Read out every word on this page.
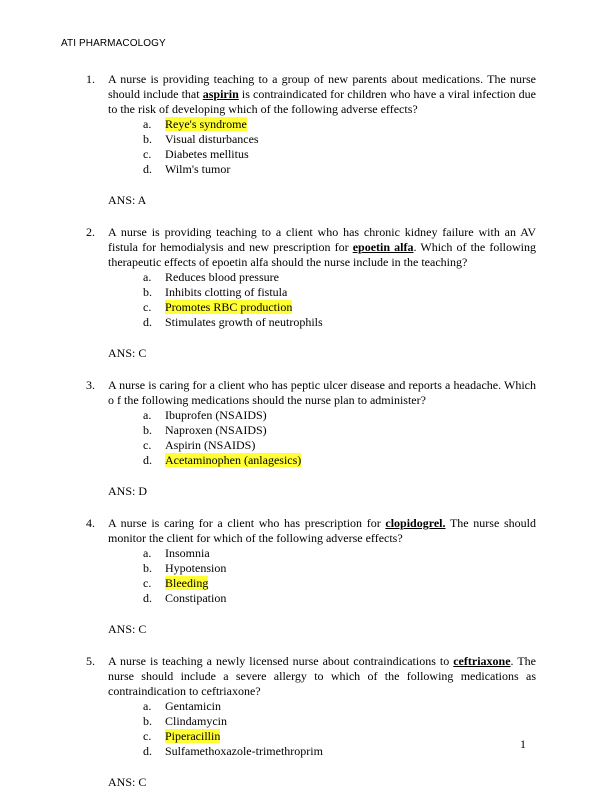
ATI PHARMACOLOGY
1. A nurse is providing teaching to a group of new parents about medications. The nurse should include that aspirin is contraindicated for children who have a viral infection due to the risk of developing which of the following adverse effects?
a. Reye's syndrome
b. Visual disturbances
c. Diabetes mellitus
d. Wilm's tumor
ANS: A
2. A nurse is providing teaching to a client who has chronic kidney failure with an AV fistula for hemodialysis and new prescription for epoetin alfa. Which of the following therapeutic effects of epoetin alfa should the nurse include in the teaching?
a. Reduces blood pressure
b. Inhibits clotting of fistula
c. Promotes RBC production
d. Stimulates growth of neutrophils
ANS: C
3. A nurse is caring for a client who has peptic ulcer disease and reports a headache. Which o f the following medications should the nurse plan to administer?
a. Ibuprofen (NSAIDS)
b. Naproxen (NSAIDS)
c. Aspirin (NSAIDS)
d. Acetaminophen (anlagesics)
ANS: D
4. A nurse is caring for a client who has prescription for clopidogrel. The nurse should monitor the client for which of the following adverse effects?
a. Insomnia
b. Hypotension
c. Bleeding
d. Constipation
ANS: C
5. A nurse is teaching a newly licensed nurse about contraindications to ceftriaxone. The nurse should include a severe allergy to which of the following medications as contraindication to ceftriaxone?
a. Gentamicin
b. Clindamycin
c. Piperacillin
d. Sulfamethoxazole-trimethroprim
ANS: C
1
